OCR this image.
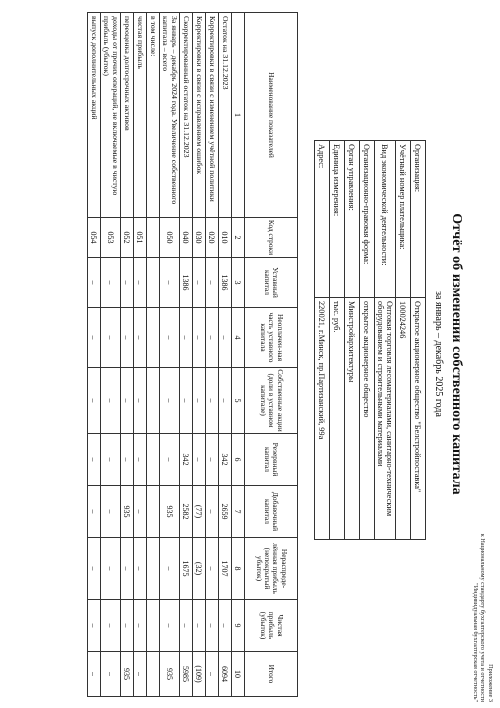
Приложение 3
к Национальному стандарту бухгалтерского учета и отчетности
"Индивидуальная бухгалтерская отчетность"
Отчёт об изменении собственного капитала
за январь – декабрь 2025 года
Организация:	Открытое акционерное общество "Белстройпоставка"
Учётный номер плательщика:	100024246
Вид экономической деятельности:	Оптовая торговля лесоматериалами, санитарно-техническим оборудованием и строительными материалами
Организационно-правовая форма:	открытое акционерное общество
Орган управления:	Минстройархитектуры
Единица измерения:	тыс. руб.
Адрес:	220021, г.Минск, пр.Партизанский, 99а
Наименование показателей	Код строки	Уставный капитал	Неоплачен-ная часть уставного капитала	Собственные акции (доли в уставном капитале)	Резервный капитал	Добавочный капитал	Нераспреде-лённая прибыль (непокрытый убыток)	Чистая прибыль (убыток)	Итого
1	2	3	4	5	6	7	8	9	10
Остаток на 31.12.2023	010	1386	–	–	342	2659	1707	–	6094
Корректировки в связи с изменением учётной политики	020	–	–	–	–	–	–	–	–
Корректировки в связи с исправлением ошибок	030	–	–	–	–	(77)	(32)	–	(109)
Скорректированный остаток на 31.12.2023	040	1386	–	–	342	2582	1675	–	5985
За январь – декабрь 2024 года. Увеличение собственного капитала – всего	050	–	–	–	–	935	–	–	935
в том числе:									
чистая прибыль	051	–	–	–	–	–	–	–	–
переоценка долгосрочных активов	052	–	–	–	–	935	–	–	935
доходы от прочих операций, не включаемые в чистую прибыль (убыток)	053	–	–	–	–	–	–	–	–
выпуск дополнительных акций	054	–	–	–	–	–	–	–	–
